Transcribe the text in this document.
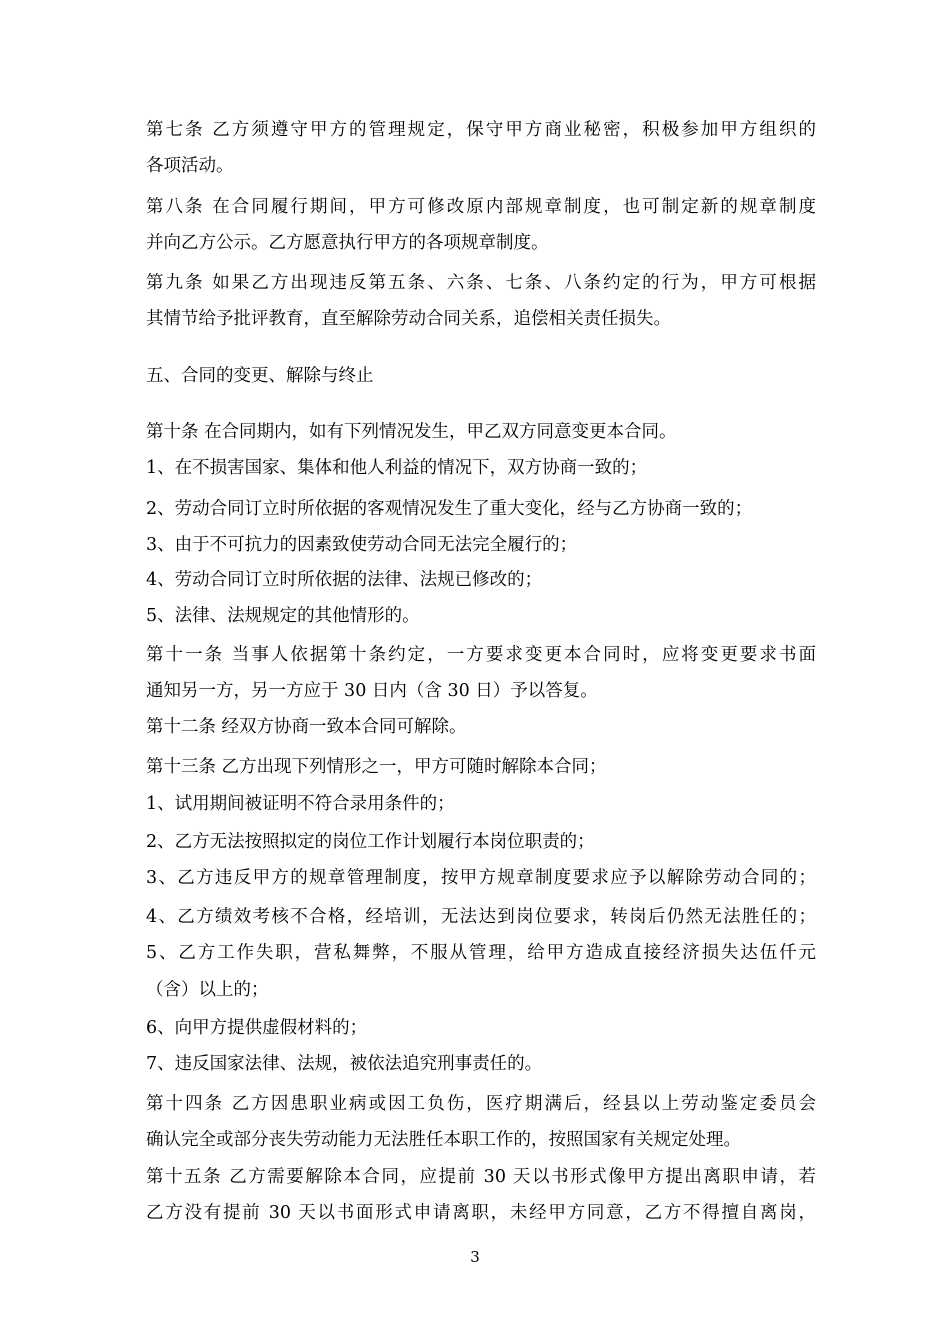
第七条 乙方须遵守甲方的管理规定，保守甲方商业秘密，积极参加甲方组织的
各项活动。
第八条 在合同履行期间，甲方可修改原内部规章制度，也可制定新的规章制度
并向乙方公示。乙方愿意执行甲方的各项规章制度。
第九条 如果乙方出现违反第五条、六条、七条、八条约定的行为，甲方可根据
其情节给予批评教育，直至解除劳动合同关系，追偿相关责任损失。
五、合同的变更、解除与终止
第十条 在合同期内，如有下列情况发生，甲乙双方同意变更本合同。
1、在不损害国家、集体和他人利益的情况下，双方协商一致的；
2、劳动合同订立时所依据的客观情况发生了重大变化，经与乙方协商一致的；
3、由于不可抗力的因素致使劳动合同无法完全履行的；
4、劳动合同订立时所依据的法律、法规已修改的；
5、法律、法规规定的其他情形的。
第十一条 当事人依据第十条约定，一方要求变更本合同时，应将变更要求书面
通知另一方，另一方应于 30 日内（含 30 日）予以答复。
第十二条 经双方协商一致本合同可解除。
第十三条 乙方出现下列情形之一，甲方可随时解除本合同；
1、试用期间被证明不符合录用条件的；
2、乙方无法按照拟定的岗位工作计划履行本岗位职责的；
3、乙方违反甲方的规章管理制度，按甲方规章制度要求应予以解除劳动合同的；
4、乙方绩效考核不合格，经培训，无法达到岗位要求，转岗后仍然无法胜任的；
5、乙方工作失职，营私舞弊，不服从管理，给甲方造成直接经济损失达伍仟元
（含）以上的；
6、向甲方提供虚假材料的；
7、违反国家法律、法规，被依法追究刑事责任的。
第十四条 乙方因患职业病或因工负伤，医疗期满后，经县以上劳动鉴定委员会
确认完全或部分丧失劳动能力无法胜任本职工作的，按照国家有关规定处理。
第十五条 乙方需要解除本合同，应提前 30 天以书形式像甲方提出离职申请，若
乙方没有提前 30 天以书面形式申请离职，未经甲方同意，乙方不得擅自离岗，
3
